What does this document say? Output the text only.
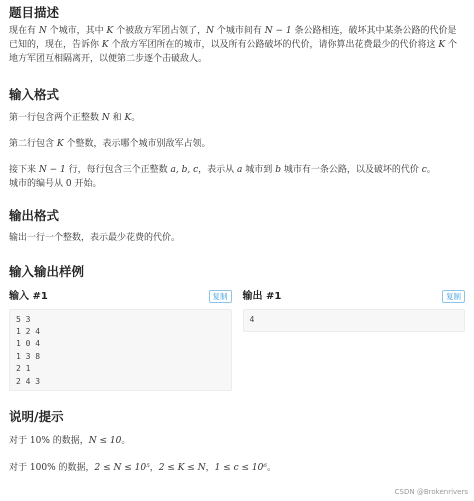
题目描述

现在有 N 个城市，其中 K 个被敌方军团占领了，N 个城市间有 N − 1 条公路相连，破坏其中某条公路的代价是已知的，现在，告诉你 K 个敌方军团所在的城市，以及所有公路破坏的代价，请你算出花费最少的代价将这 K 个地方军团互相隔离开，以便第二步逐个击破敌人。

输入格式

第一行包含两个正整数 N 和 K。

第二行包含 K 个整数，表示哪个城市别敌军占领。

接下来 N − 1 行，每行包含三个正整数 a, b, c，表示从 a 城市到 b 城市有一条公路，以及破坏的代价 c。

城市的编号从 0 开始。

输出格式

输出一行一个整数，表示最少花费的代价。

输入输出样例
输入 #1	复制
5 3
1 2 4
1 0 4
1 3 8
2 1
2 4 3
输出 #1	复制
4
说明/提示

对于 10% 的数据，N ≤ 10。

对于 100% 的数据，2 ≤ N ≤ 10⁵，2 ≤ K ≤ N，1 ≤ c ≤ 10⁶。

CSDN @Brokenrivers
